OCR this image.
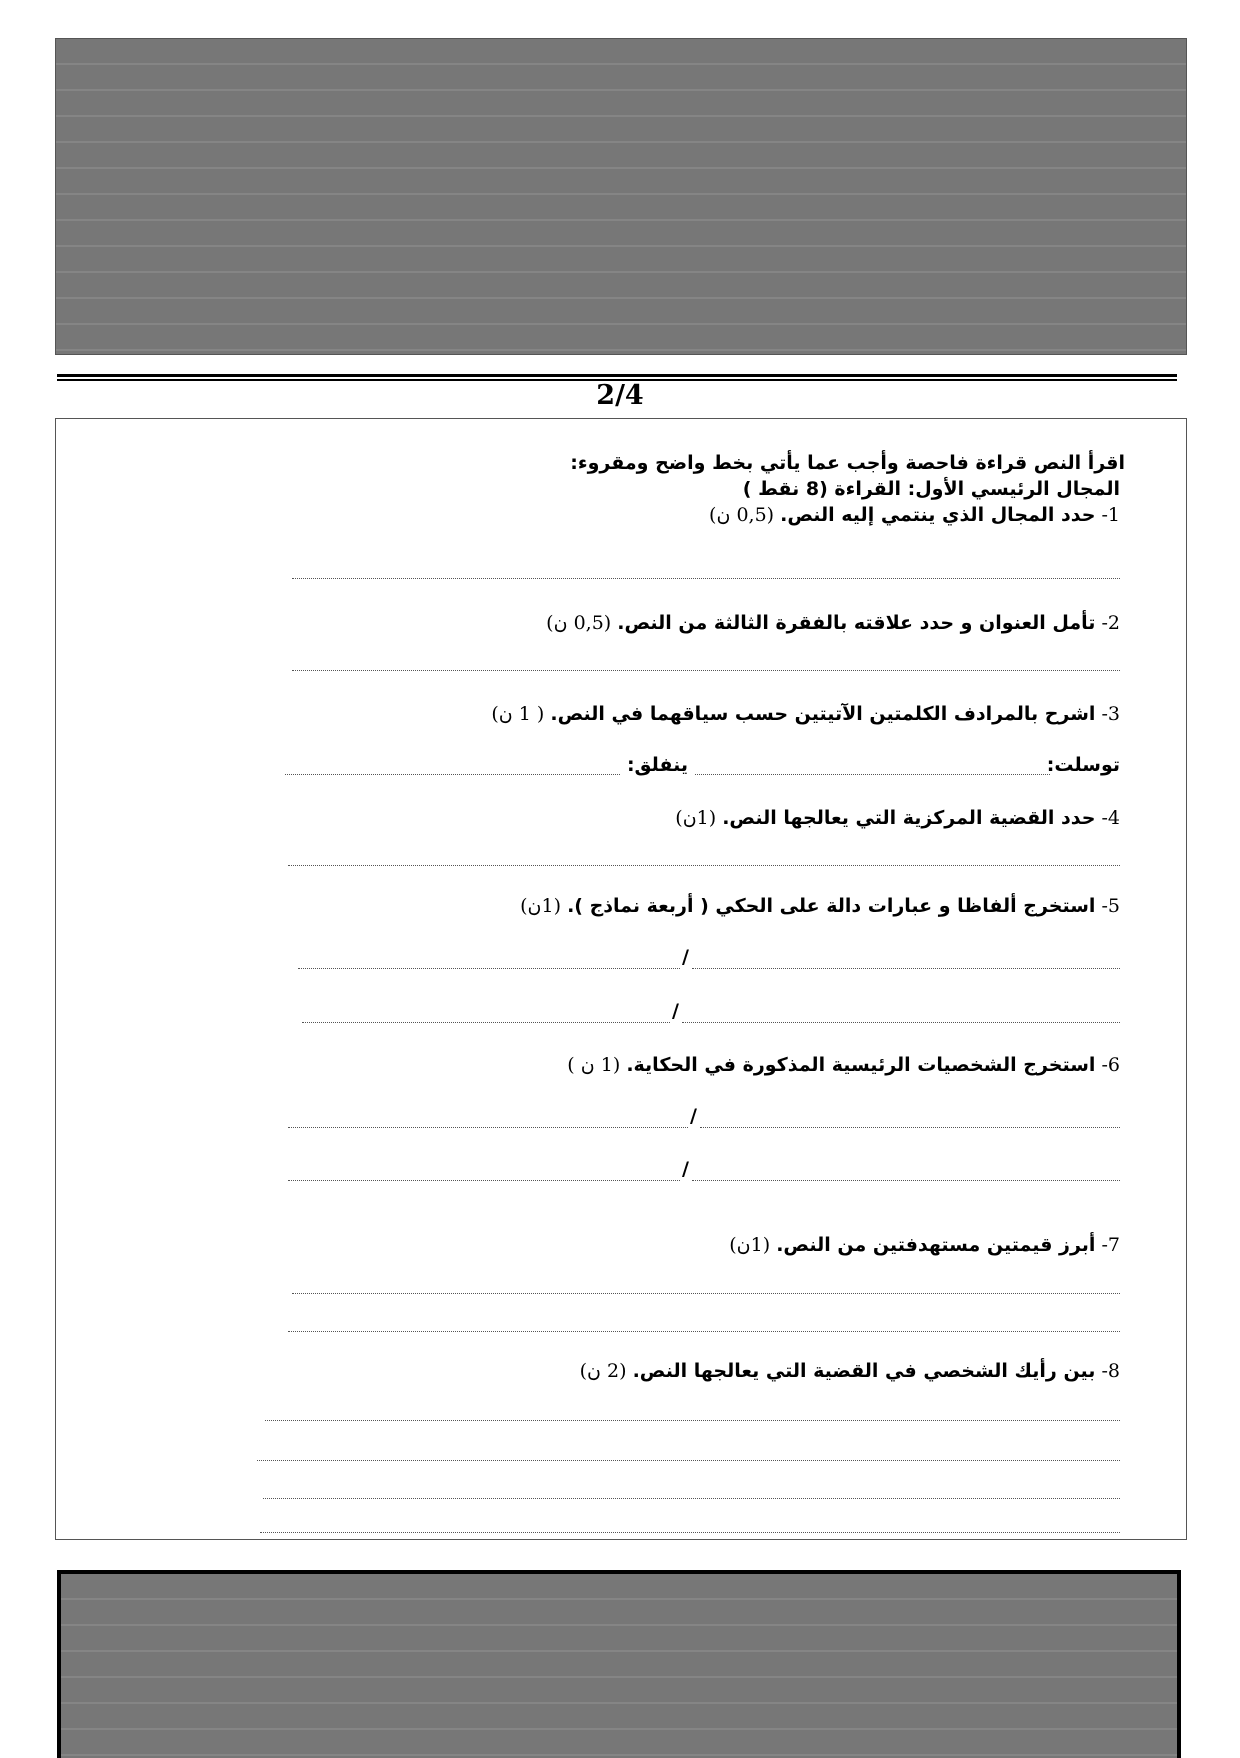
2/4
اقرأ النص قراءة فاحصة وأجب عما يأتي بخط واضح ومقروء:
المجال الرئيسي الأول: القراءة (8 نقط )
1- حدد المجال الذي ينتمي إليه النص. (0,5 ن)
2- تأمل العنوان و حدد علاقته بالفقرة الثالثة من النص. (0,5 ن)
3- اشرح بالمرادف الكلمتين الآتيتين حسب سياقهما في النص. ( 1 ن)
توسلت:
ينفلق:
4- حدد القضية المركزية التي يعالجها النص. (1ن)
5- استخرج ألفاظا و عبارات دالة على الحكي ( أربعة نماذج ). (1ن)
/
/
6- استخرج الشخصيات الرئيسية المذكورة في الحكاية. (1 ن )
/
/
7- أبرز قيمتين مستهدفتين من النص. (1ن)
8- بين رأيك الشخصي في القضية التي يعالجها النص. (2 ن)
